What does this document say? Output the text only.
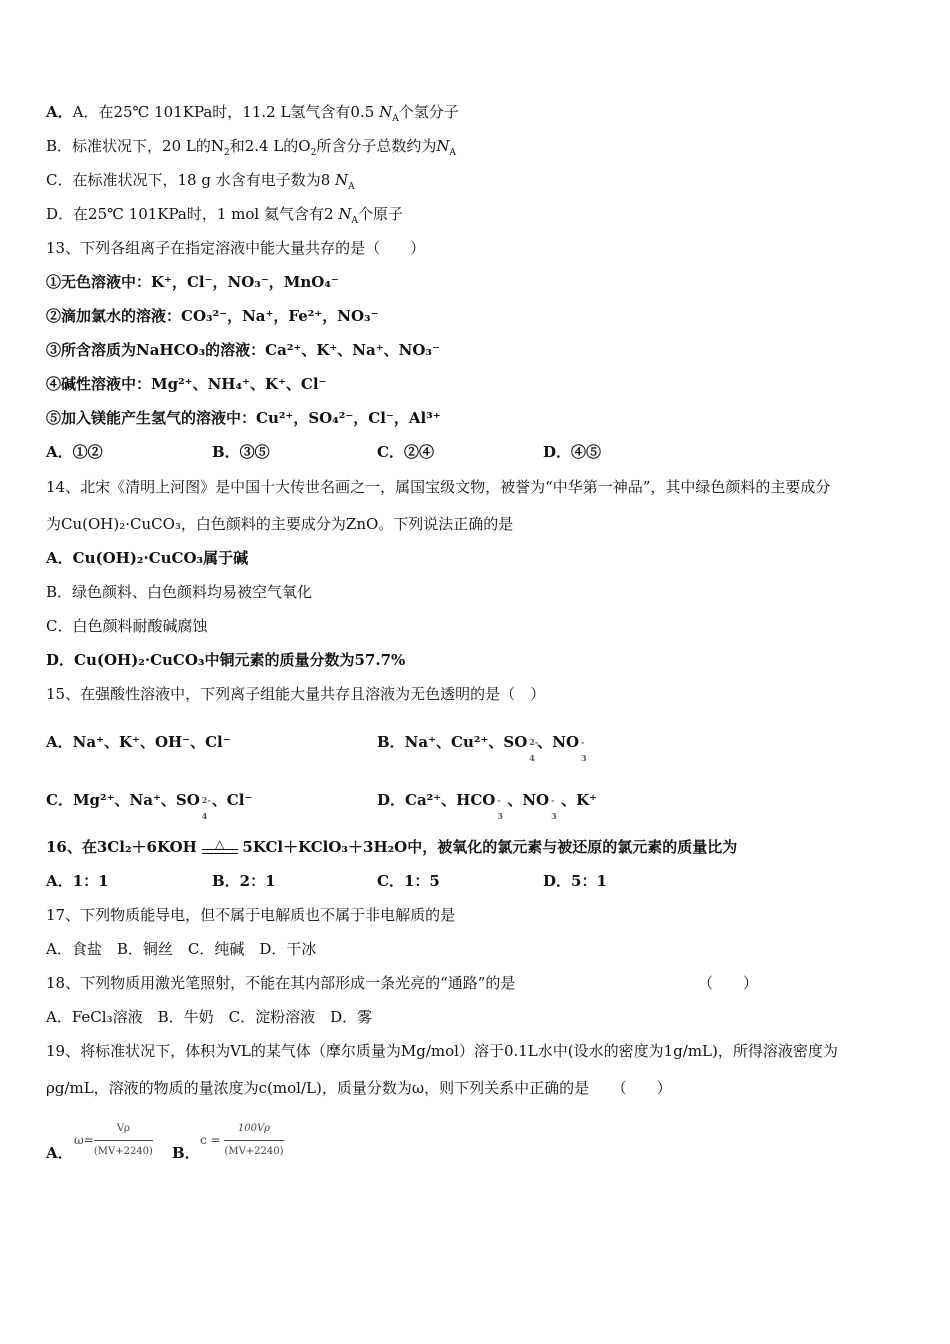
A．A．在25℃ 101KPa时，11.2 L氢气含有0.5 $N_A$个氢分子
B．标准状况下，20 L的$N_2$和2.4 L的$O_2$所含分子总数约为$N_A$
C．在标准状况下，18 g 水含有电子数为8 $N_A$
D．在25℃ 101KPa时，1 mol 氦气含有2 $N_A$个原子
13、下列各组离子在指定溶液中能大量共存的是（　　）
①无色溶液中：K⁺，Cl⁻，NO₃⁻，MnO₄⁻
②滴加氯水的溶液：CO₃²⁻，Na⁺，Fe²⁺，NO₃⁻
③所含溶质为NaHCO₃的溶液：Ca²⁺、K⁺、Na⁺、NO₃⁻
④碱性溶液中：Mg²⁺、NH₄⁺、K⁺、Cl⁻
⑤加入镁能产生氢气的溶液中：Cu²⁺，SO₄²⁻，Cl⁻，Al³⁺
A．①②	B．③⑤	C．②④	D．④⑤
14、北宋《清明上河图》是中国十大传世名画之一，属国宝级文物，被誉为“中华第一神品”，其中绿色颜料的主要成分
为Cu(OH)₂·CuCO₃，白色颜料的主要成分为ZnO。下列说法正确的是
A．Cu(OH)₂·CuCO₃属于碱
B．绿色颜料、白色颜料均易被空气氧化
C．白色颜料耐酸碱腐蚀
D．Cu(OH)₂·CuCO₃中铜元素的质量分数为57.7%
15、在强酸性溶液中，下列离子组能大量共存且溶液为无色透明的是（　）
A．Na⁺、K⁺、OH⁻、Cl⁻	B．Na⁺、Cu²⁺、SO 2-
4
、NO -
3
C．Mg²⁺、Na⁺、SO 2-
4
、Cl⁻	D．Ca²⁺、HCO -
3
、NO -
3
、K⁺
16、在3Cl₂＋6KOH	△	5KCl＋KClO₃＋3H₂O中，被氧化的氯元素与被还原的氯元素的质量比为
A．1：1	B．2：1	C．1：5	D．5：1
17、下列物质能导电，但不属于电解质也不属于非电解质的是
A．食盐　B．铜丝　C．纯碱　D．干冰
18、下列物质用激光笔照射，不能在其内部形成一条光亮的“通路”的是	（　　）
A．FeCl₃溶液　B．牛奶　C．淀粉溶液　D．雾
19、将标准状况下，体积为VL的某气体（摩尔质量为Mg/mol）溶于0.1L水中(设水的密度为1g/mL)，所得溶液密度为
ρg/mL，溶液的物质的量浓度为c(mol/L)，质量分数为ω，则下列关系中正确的是　　（　　）
A．
$\omega= \frac{V\rho}{(MV+2240)}$ B．
$c = \frac{100V\rho}{(MV+2240)}$
